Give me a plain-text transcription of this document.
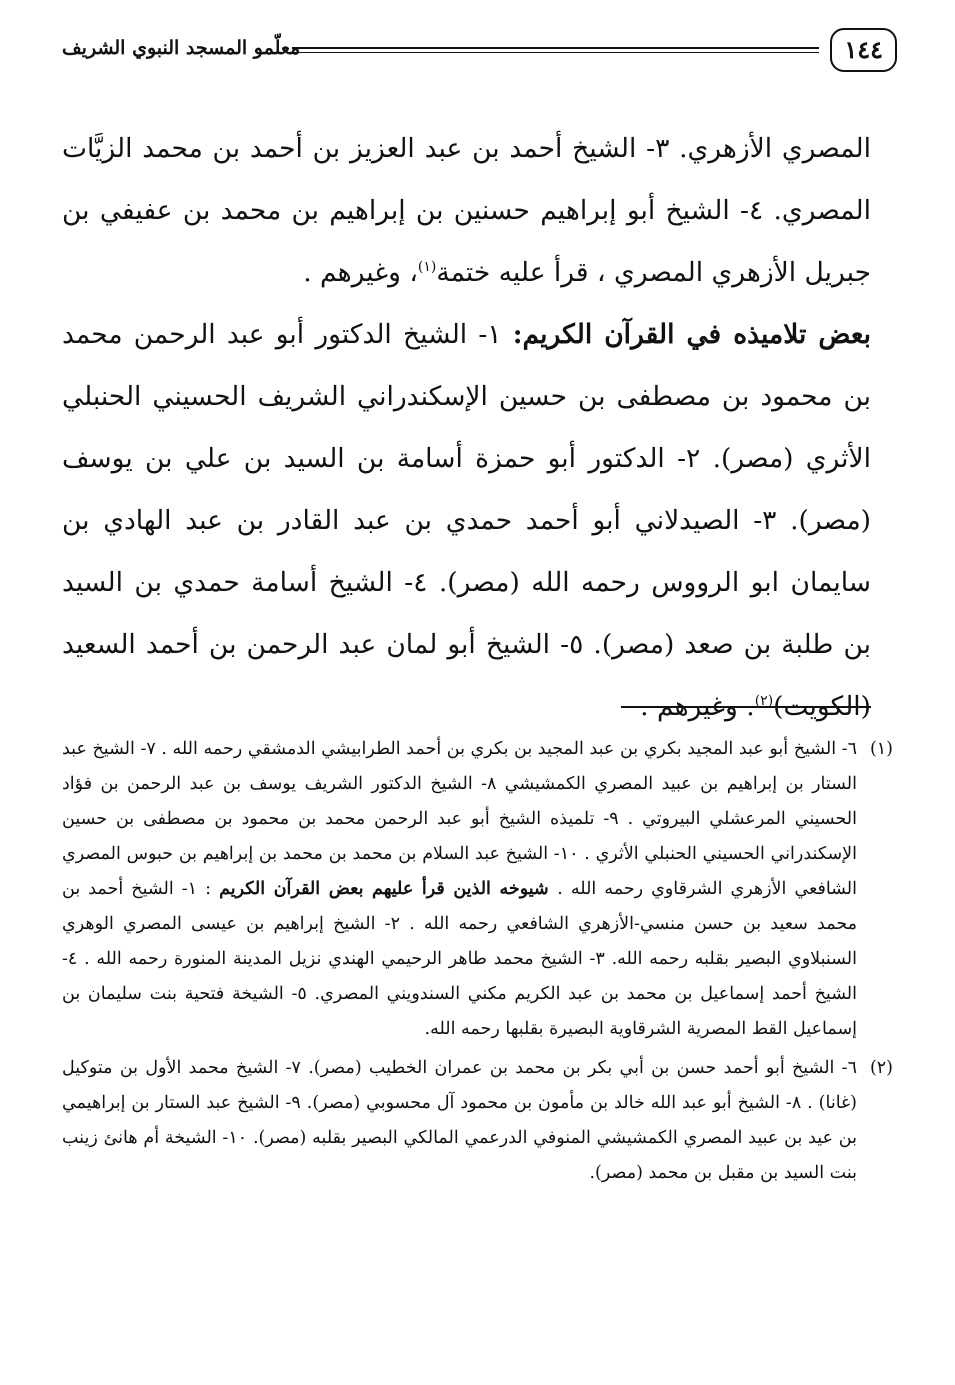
١٤٤
معلّمو المسجد النبوي الشريف

المصري الأزهري. ٣- الشيخ أحمد بن عبد العزيز بن أحمد بن محمد الزيَّات المصري. ٤- الشيخ أبو إبراهيم حسنين بن إبراهيم بن محمد بن عفيفي بن جبريل الأزهري المصري ، قرأ عليه ختمة$^{(١)}$، وغيرهم .

بعض تلاميذه في القرآن الكريم: ١- الشيخ الدكتور أبو عبد الرحمن محمد بن محمود بن مصطفى بن حسين الإسكندراني الشريف الحسيني الحنبلي الأثري (مصر). ٢- الدكتور أبو حمزة أسامة بن السيد بن علي بن يوسف (مصر). ٣- الصيدلاني أبو أحمد حمدي بن عبد القادر بن عبد الهادي بن سايمان ابو الرووس رحمه الله (مصر). ٤- الشيخ أسامة حمدي بن السيد بن طلبة بن صعد (مصر). ٥- الشيخ أبو لمان عبد الرحمن بن أحمد السعيد (الكويت)$^{(٢)}$. وغيرهم .

(١)
٦- الشيخ أبو عبد المجيد بكري بن عبد المجيد بن بكري بن أحمد الطرابيشي الدمشقي رحمه الله . ٧- الشيخ عبد الستار بن إبراهيم بن عبيد المصري الكمشيشي ٨- الشيخ الدكتور الشريف يوسف بن عبد الرحمن بن فؤاد الحسيني المرعشلي البيروتي . ٩- تلميذه الشيخ أبو عبد الرحمن محمد بن محمود بن مصطفى بن حسين الإسكندراني الحسيني الحنبلي الأثري . ١٠- الشيخ عبد السلام بن محمد بن محمد بن إبراهيم بن حبوس المصري الشافعي الأزهري الشرقاوي رحمه الله . شيوخه الذين قرأ عليهم بعض القرآن الكريم : ١- الشيخ أحمد بن محمد سعيد بن حسن منسي-الأزهري الشافعي رحمه الله . ٢- الشيخ إبراهيم بن عيسى المصري الوهري السنبلاوي البصير بقلبه رحمه الله. ٣- الشيخ محمد طاهر الرحيمي الهندي نزيل المدينة المنورة رحمه الله . ٤- الشيخ أحمد إسماعيل بن محمد بن عبد الكريم مكني السندويني المصري. ٥- الشيخة فتحية بنت سليمان بن إسماعيل القط المصرية الشرقاوية البصيرة بقلبها رحمه الله.
(٢)
٦- الشيخ أبو أحمد حسن بن أبي بكر بن محمد بن عمران الخطيب (مصر). ٧- الشيخ محمد الأول بن متوكيل (غانا) . ٨- الشيخ أبو عبد الله خالد بن مأمون بن محمود آل محسوبي (مصر). ٩- الشيخ عبد الستار بن إبراهيمي بن عيد بن عبيد المصري الكمشيشي المنوفي الدرعمي المالكي البصير بقلبه (مصر). ١٠- الشيخة أم هانئ زينب بنت السيد بن مقبل بن محمد (مصر).
